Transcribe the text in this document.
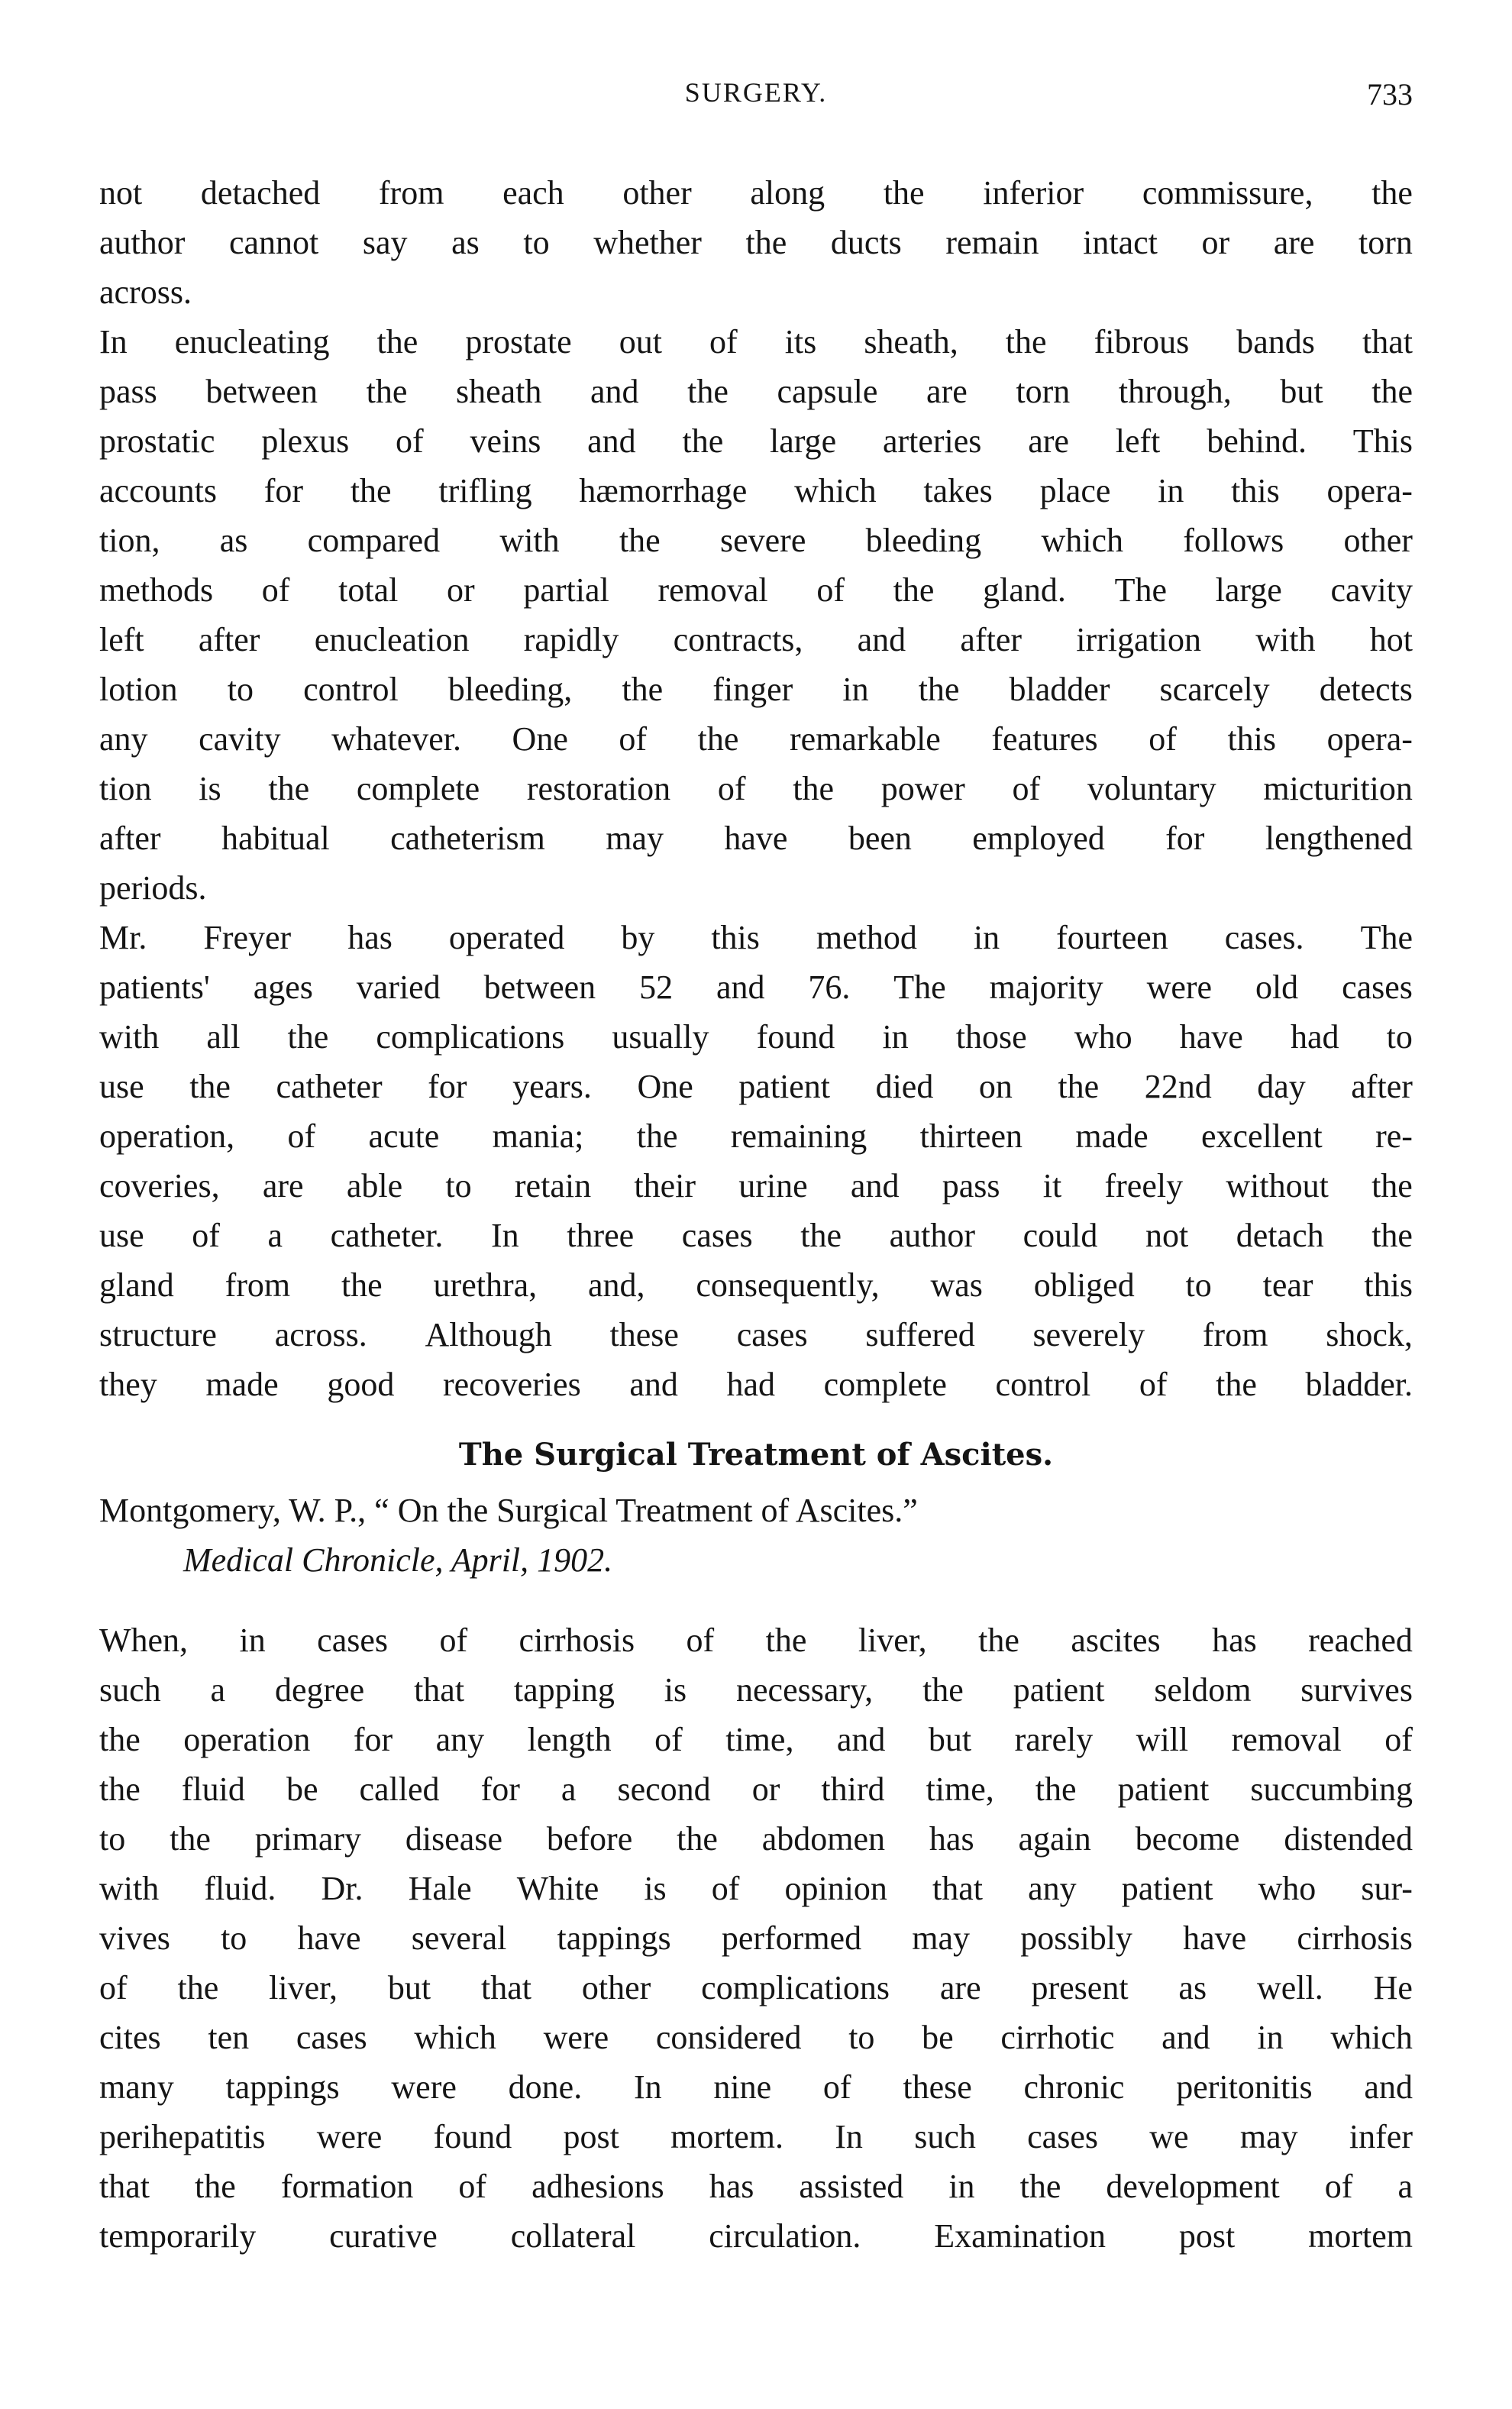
SURGERY.	733
not detached from each other along the inferior commissure, the
author cannot say as to whether the ducts remain intact or are torn
across.
In enucleating the prostate out of its sheath, the fibrous bands that
pass between the sheath and the capsule are torn through, but the
prostatic plexus of veins and the large arteries are left behind. This
accounts for the trifling hæmorrhage which takes place in this opera-
tion, as compared with the severe bleeding which follows other
methods of total or partial removal of the gland. The large cavity
left after enucleation rapidly contracts, and after irrigation with hot
lotion to control bleeding, the finger in the bladder scarcely detects
any cavity whatever. One of the remarkable features of this opera-
tion is the complete restoration of the power of voluntary micturition
after habitual catheterism may have been employed for lengthened
periods.
Mr. Freyer has operated by this method in fourteen cases. The
patients' ages varied between 52 and 76. The majority were old cases
with all the complications usually found in those who have had to
use the catheter for years. One patient died on the 22nd day after
operation, of acute mania; the remaining thirteen made excellent re-
coveries, are able to retain their urine and pass it freely without the
use of a catheter. In three cases the author could not detach the
gland from the urethra, and, consequently, was obliged to tear this
structure across. Although these cases suffered severely from shock,
they made good recoveries and had complete control of the bladder.
The Surgical Treatment of Ascites.
Montgomery, W. P., “ On the Surgical Treatment of Ascites.”
Medical Chronicle, April, 1902.
When, in cases of cirrhosis of the liver, the ascites has reached
such a degree that tapping is necessary, the patient seldom survives
the operation for any length of time, and but rarely will removal of
the fluid be called for a second or third time, the patient succumbing
to the primary disease before the abdomen has again become distended
with fluid. Dr. Hale White is of opinion that any patient who sur-
vives to have several tappings performed may possibly have cirrhosis
of the liver, but that other complications are present as well. He
cites ten cases which were considered to be cirrhotic and in which
many tappings were done. In nine of these chronic peritonitis and
perihepatitis were found post mortem. In such cases we may infer
that the formation of adhesions has assisted in the development of a
temporarily curative collateral circulation. Examination post mortem
